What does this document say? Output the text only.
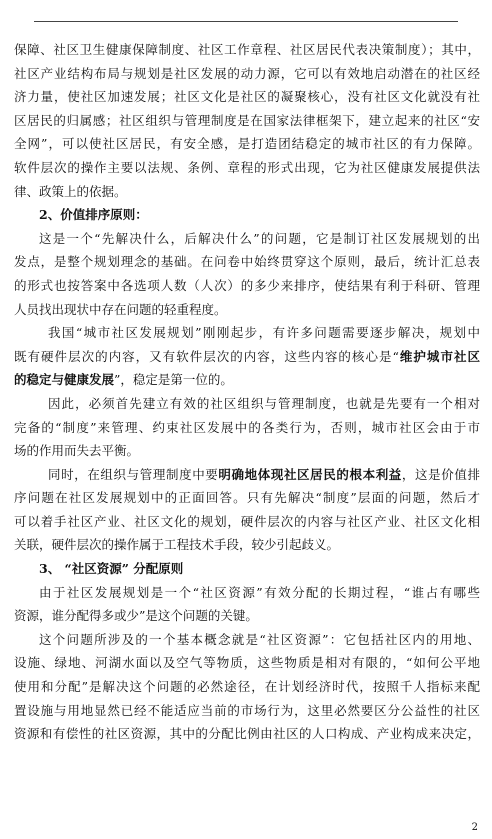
保障、社区卫生健康保障制度、社区工作章程、社区居民代表决策制度）；其中，
社区产业结构布局与规划是社区发展的动力源，它可以有效地启动潜在的社区经
济力量，使社区加速发展；社区文化是社区的凝聚核心，没有社区文化就没有社
区居民的归属感；社区组织与管理制度是在国家法律框架下，建立起来的社区“安
全网”，可以使社区居民，有安全感，是打造团结稳定的城市社区的有力保障。
软件层次的操作主要以法规、条例、章程的形式出现，它为社区健康发展提供法
律、政策上的依据。
2、价值排序原则：
这是一个“先解决什么，后解决什么”的问题，它是制订社区发展规划的出
发点，是整个规划理念的基础。在问卷中始终贯穿这个原则，最后，统计汇总表
的形式也按答案中各选项人数（人次）的多少来排序，使结果有利于科研、管理
人员找出现状中存在问题的轻重程度。
我国“城市社区发展规划”刚刚起步，有许多问题需要逐步解决，规划中
既有硬件层次的内容，又有软件层次的内容，这些内容的核心是“维护城市社区
的稳定与健康发展”，稳定是第一位的。
因此，必须首先建立有效的社区组织与管理制度，也就是先要有一个相对
完备的“制度”来管理、约束社区发展中的各类行为，否则，城市社区会由于市
场的作用而失去平衡。
同时，在组织与管理制度中要明确地体现社区居民的根本利益，这是价值排
序问题在社区发展规划中的正面回答。只有先解决“制度”层面的问题，然后才
可以着手社区产业、社区文化的规划，硬件层次的内容与社区产业、社区文化相
关联，硬件层次的操作属于工程技术手段，较少引起歧义。
3、 “社区资源” 分配原则
由于社区发展规划是一个“社区资源”有效分配的长期过程，“谁占有哪些
资源，谁分配得多或少”是这个问题的关键。
这个问题所涉及的一个基本概念就是“社区资源”：它包括社区内的用地、
设施、绿地、河湖水面以及空气等物质，这些物质是相对有限的，“如何公平地
使用和分配”是解决这个问题的必然途径，在计划经济时代，按照千人指标来配
置设施与用地显然已经不能适应当前的市场行为，这里必然要区分公益性的社区
资源和有偿性的社区资源，其中的分配比例由社区的人口构成、产业构成来决定，
2
